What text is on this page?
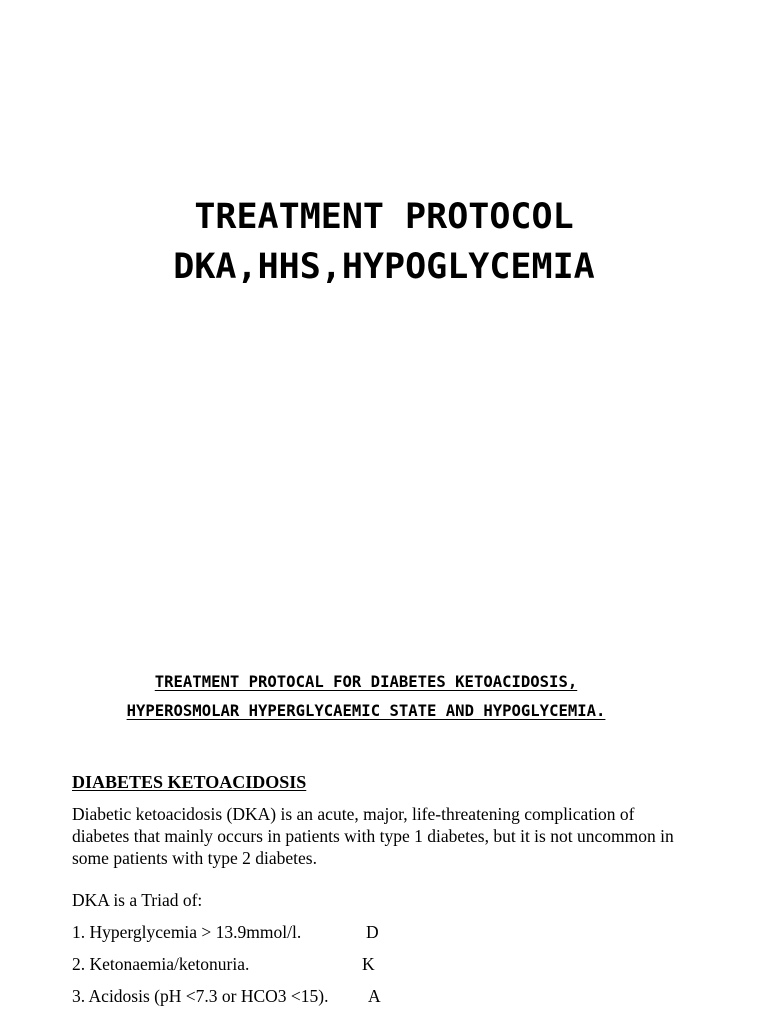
TREATMENT PROTOCOL
DKA,HHS,HYPOGLYCEMIA

TREATMENT PROTOCAL FOR DIABETES KETOACIDOSIS,

HYPEROSMOLAR HYPERGLYCAEMIC STATE AND HYPOGLYCEMIA.

DIABETES KETOACIDOSIS

Diabetic ketoacidosis (DKA) is an acute, major, life-threatening complication of

diabetes that mainly occurs in patients with type 1 diabetes, but it is not uncommon in

some patients with type 2 diabetes.

DKA is a Triad of:

1. Hyperglycemia > 13.9mmol/l.	D

2. Ketonaemia/ketonuria.	K

3. Acidosis (pH <7.3 or HCO3 <15). A
